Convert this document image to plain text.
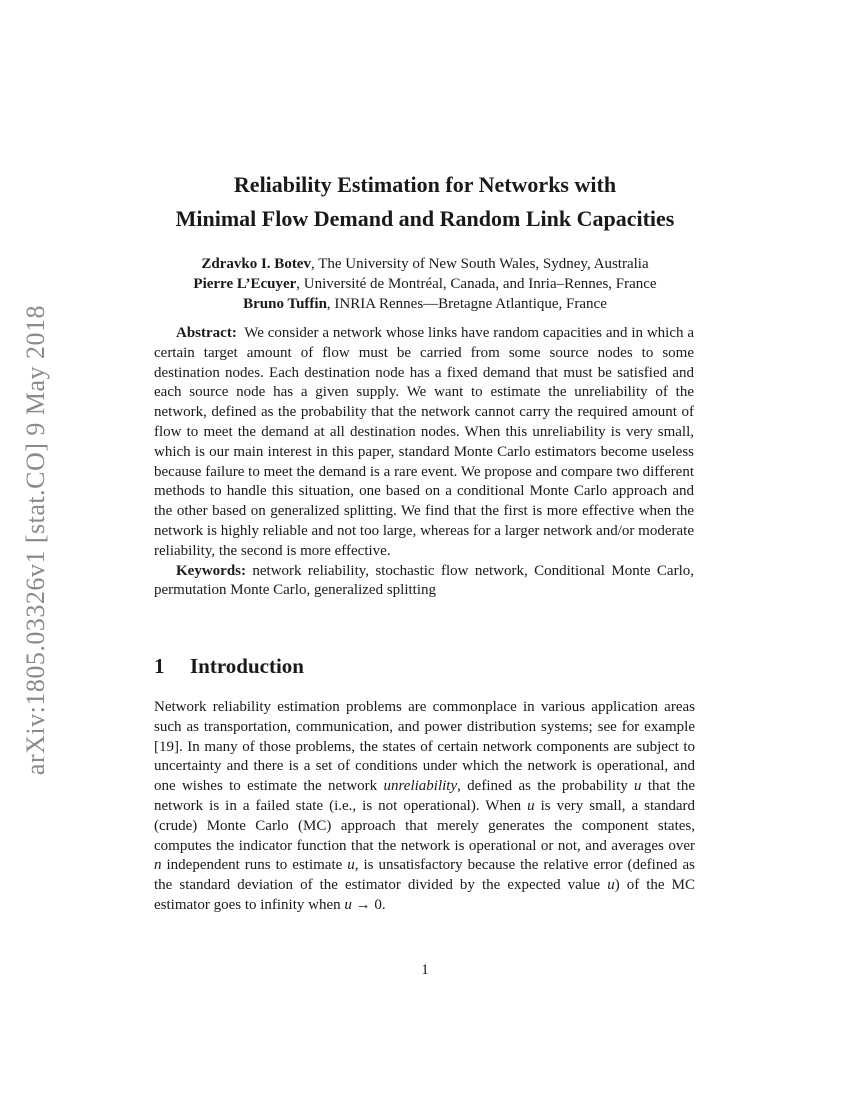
arXiv:1805.03326v1 [stat.CO] 9 May 2018
Reliability Estimation for Networks with
Minimal Flow Demand and Random Link Capacities
Zdravko I. Botev, The University of New South Wales, Sydney, Australia
Pierre L’Ecuyer, Université de Montréal, Canada, and Inria–Rennes, France
Bruno Tuffin, INRIA Rennes—Bretagne Atlantique, France

Abstract: We consider a network whose links have random capacities and in which a certain target amount of flow must be carried from some source nodes to some destination nodes. Each destination node has a fixed demand that must be satisfied and each source node has a given supply. We want to estimate the unreliability of the network, defined as the probability that the network cannot carry the required amount of flow to meet the demand at all destination nodes. When this unreliability is very small, which is our main interest in this paper, standard Monte Carlo estimators become useless because failure to meet the demand is a rare event. We propose and compare two different methods to handle this situation, one based on a conditional Monte Carlo approach and the other based on generalized splitting. We find that the first is more effective when the network is highly reliable and not too large, whereas for a larger network and/or moderate reliability, the second is more effective.

Keywords: network reliability, stochastic flow network, Conditional Monte Carlo, permutation Monte Carlo, generalized splitting

1 Introduction

Network reliability estimation problems are commonplace in various application areas such as transportation, communication, and power distribution systems; see for example [19]. In many of those problems, the states of certain network components are subject to uncertainty and there is a set of conditions under which the network is operational, and one wishes to estimate the network unreliability, defined as the probability u that the network is in a failed state (i.e., is not operational). When u is very small, a standard (crude) Monte Carlo (MC) approach that merely generates the component states, computes the indicator function that the network is operational or not, and averages over n independent runs to estimate u, is unsatisfactory because the relative error (defined as the standard deviation of the estimator divided by the expected value u) of the MC estimator goes to infinity when u → 0.

1
